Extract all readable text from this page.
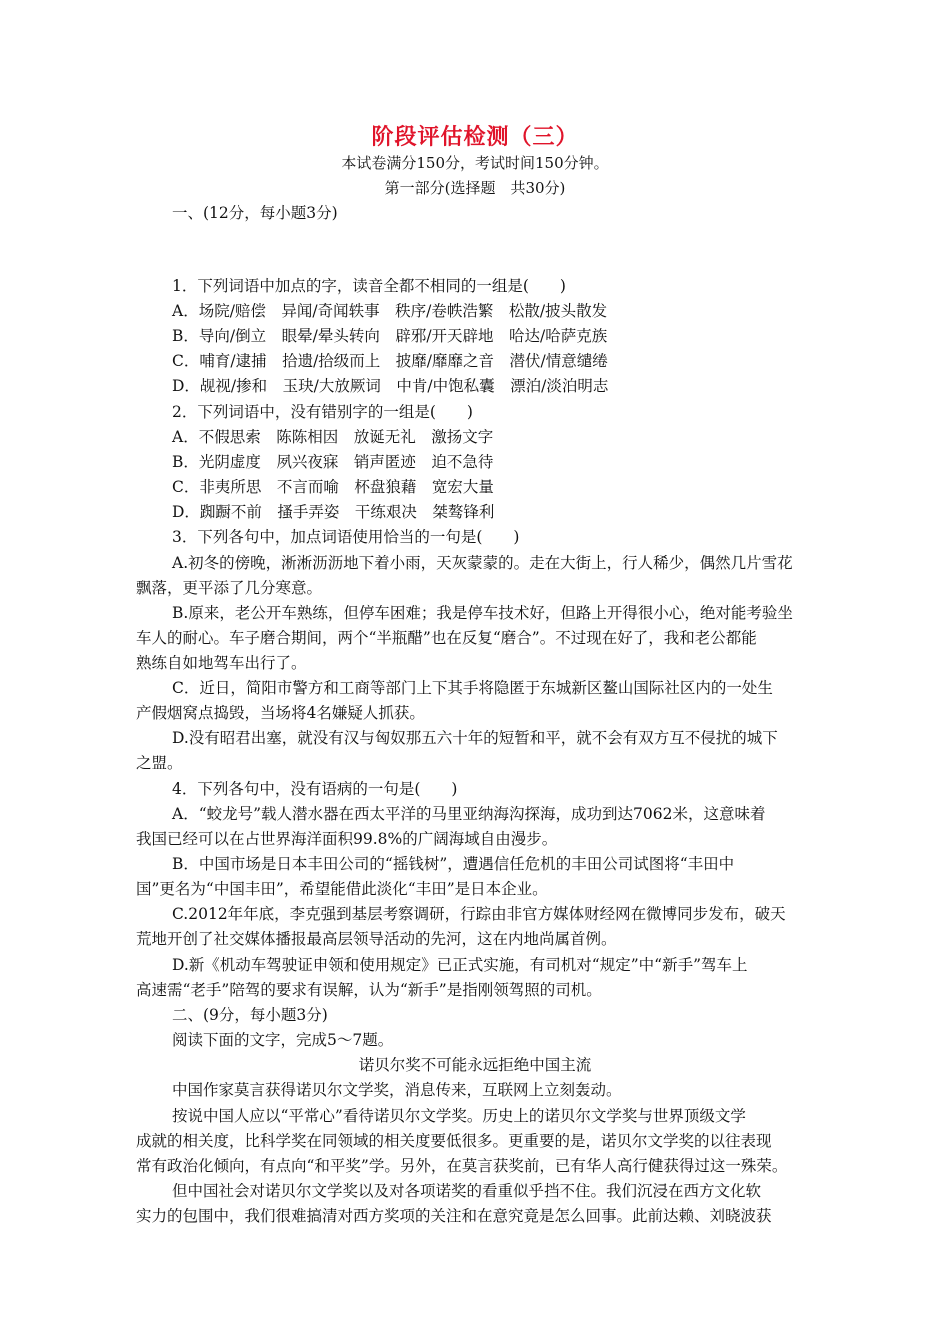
阶段评估检测（三）
本试卷满分150分，考试时间150分钟。
第一部分(选择题　共30分)
一、(12分，每小题3分)
1．下列词语中加点的字，读音全都不相同的一组是(　　)
A．场院/赔偿　异闻/奇闻轶事　秩序/卷帙浩繁　松散/披头散发
B．导向/倒立　眼晕/晕头转向　辟邪/开天辟地　哈达/哈萨克族
C．哺育/逮捕　拾遗/拾级而上　披靡/靡靡之音　潜伏/情意缱绻
D．觇视/掺和　玉玦/大放厥词　中肯/中饱私囊　漂泊/淡泊明志
2．下列词语中，没有错别字的一组是(　　)
A．不假思索　陈陈相因　放诞无礼　激扬文字
B．光阴虚度　夙兴夜寐　销声匿迹　迫不急待
C．非夷所思　不言而喻　杯盘狼藉　宽宏大量
D．踟蹰不前　搔手弄姿　干练艰决　桀骜锋利
3．下列各句中，加点词语使用恰当的一句是(　　)
A.初冬的傍晚，淅淅沥沥地下着小雨，天灰蒙蒙的。走在大街上，行人稀少，偶然几片雪花
飘落，更平添了几分寒意。
B.原来，老公开车熟练，但停车困难；我是停车技术好，但路上开得很小心，绝对能考验坐
车人的耐心。车子磨合期间，两个“半瓶醋”也在反复“磨合”。不过现在好了，我和老公都能
熟练自如地驾车出行了。
C．近日，简阳市警方和工商等部门上下其手将隐匿于东城新区鳌山国际社区内的一处生
产假烟窝点捣毁，当场将4名嫌疑人抓获。
D.没有昭君出塞，就没有汉与匈奴那五六十年的短暂和平，就不会有双方互不侵扰的城下
之盟。
4．下列各句中，没有语病的一句是(　　)
A．“蛟龙号”载人潜水器在西太平洋的马里亚纳海沟探海，成功到达7062米，这意味着
我国已经可以在占世界海洋面积99.8%的广阔海域自由漫步。
B．中国市场是日本丰田公司的“摇钱树”，遭遇信任危机的丰田公司试图将“丰田中
国”更名为“中国丰田”，希望能借此淡化“丰田”是日本企业。
C.2012年年底，李克强到基层考察调研，行踪由非官方媒体财经网在微博同步发布，破天
荒地开创了社交媒体播报最高层领导活动的先河，这在内地尚属首例。
D.新《机动车驾驶证申领和使用规定》已正式实施，有司机对“规定”中“新手”驾车上
高速需“老手”陪驾的要求有误解，认为“新手”是指刚领驾照的司机。
二、(9分，每小题3分)
阅读下面的文字，完成5～7题。
诺贝尔奖不可能永远拒绝中国主流
中国作家莫言获得诺贝尔文学奖，消息传来，互联网上立刻轰动。
按说中国人应以“平常心”看待诺贝尔文学奖。历史上的诺贝尔文学奖与世界顶级文学
成就的相关度，比科学奖在同领域的相关度要低很多。更重要的是，诺贝尔文学奖的以往表现
常有政治化倾向，有点向“和平奖”学。另外，在莫言获奖前，已有华人高行健获得过这一殊荣。
但中国社会对诺贝尔文学奖以及对各项诺奖的看重似乎挡不住。我们沉浸在西方文化软
实力的包围中，我们很难搞清对西方奖项的关注和在意究竟是怎么回事。此前达赖、刘晓波获
